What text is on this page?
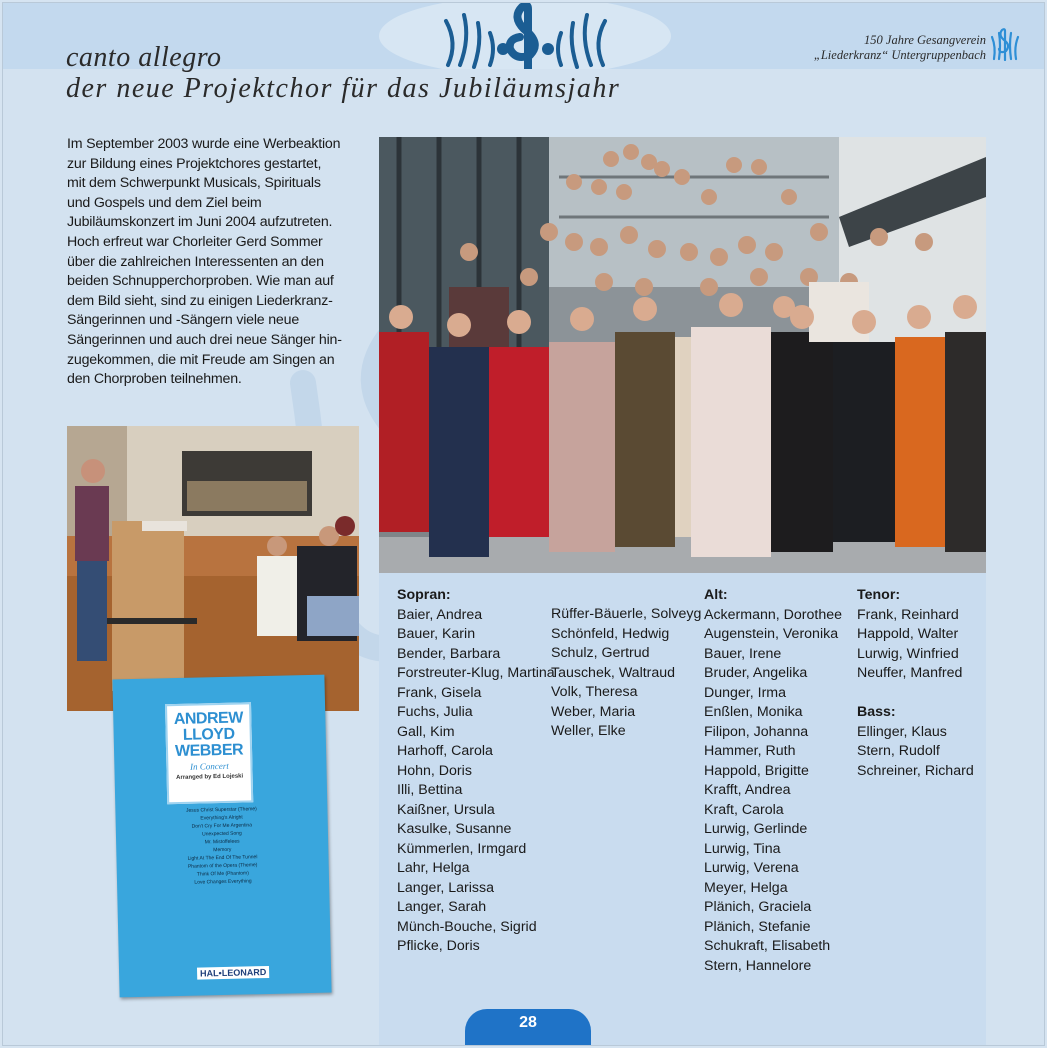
150 Jahre Gesangverein
„Liederkranz“ Untergruppenbach
canto allegro
der neue Projektchor für das Jubiläumsjahr
Im September 2003 wurde eine Werbeaktion
zur Bildung eines Projektchores gestartet,
mit dem Schwerpunkt Musicals, Spirituals
und Gospels und dem Ziel beim
Jubiläumskonzert im Juni 2004 aufzutreten.
Hoch erfreut war Chorleiter Gerd Sommer
über die zahlreichen Interessenten an den
beiden Schnupperchorproben. Wie man auf
dem Bild sieht, sind zu einigen Liederkranz-
Sängerinnen und -Sängern viele neue
Sängerinnen und auch drei neue Sänger hin-
zugekommen, die mit Freude am Singen an
den Chorproben teilnehmen.
Sopran:
Baier, Andrea
Bauer, Karin
Bender, Barbara
Forstreuter-Klug, Martina
Frank, Gisela
Fuchs, Julia
Gall, Kim
Harhoff, Carola
Hohn, Doris
Illi, Bettina
Kaißner, Ursula
Kasulke, Susanne
Kümmerlen, Irmgard
Lahr, Helga
Langer, Larissa
Langer, Sarah
Münch-Bouche, Sigrid
Pflicke, Doris
Rüffer-Bäuerle, Solveyg
Schönfeld, Hedwig
Schulz, Gertrud
Tauschek, Waltraud
Volk, Theresa
Weber, Maria
Weller, Elke
Alt:
Ackermann, Dorothee
Augenstein, Veronika
Bauer, Irene
Bruder, Angelika
Dunger, Irma
Enßlen, Monika
Filipon, Johanna
Hammer, Ruth
Happold, Brigitte
Krafft, Andrea
Kraft, Carola
Lurwig, Gerlinde
Lurwig, Tina
Lurwig, Verena
Meyer, Helga
Plänich, Graciela
Plänich, Stefanie
Schukraft, Elisabeth
Stern, Hannelore
Tenor:
Frank, Reinhard
Happold, Walter
Lurwig, Winfried
Neuffer, Manfred
Bass:
Ellinger, Klaus
Stern, Rudolf
Schreiner, Richard
ANDREW
LLOYD
WEBBER
In Concert
Arranged by Ed Lojeski
Jesus Christ Superstar (Theme)
Everything's Alright
Don't Cry For Me Argentina
Unexpected Song
Mr. Mistoffelees
Memory
Light At The End Of The Tunnel
Phantom of the Opera (Theme)
Think Of Me (Phantom)
Love Changes Everything
HAL•LEONARD
28
